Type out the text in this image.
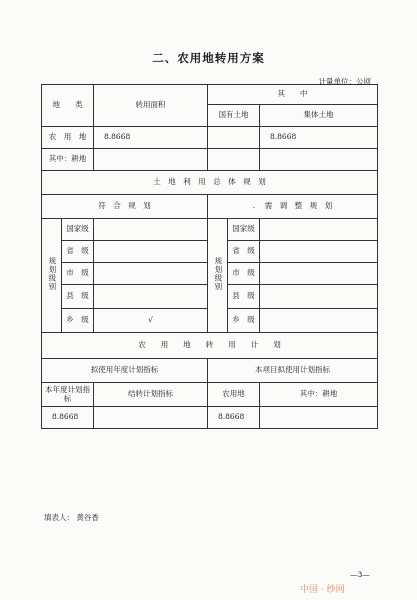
二、农用地转用方案
计量单位：公顷
地　　类		转用面积	其　　中		
			国有土地		集体土地
农　用　地		8.8668			8.8668
其中：耕地					
土　地　利　用　总　体　规　划					
符　合　规　划			. 需　调　整　规　划		
规划级别	国家级		规划级别	国家级	
	省　级			省　级	
	市　级			市　级	
	县　级			县　级	
	乡　级	√		乡　级	
农　　用　　地　　转　　用　　计　　划					
拟使用年度计划指标			本项目拟使用计划指标		
本年度计划指标		结转计划指标	农用地		其中：耕地
8.8668			8.8668		
填表人： 黄谷香
—3—
中国 · 纱网
